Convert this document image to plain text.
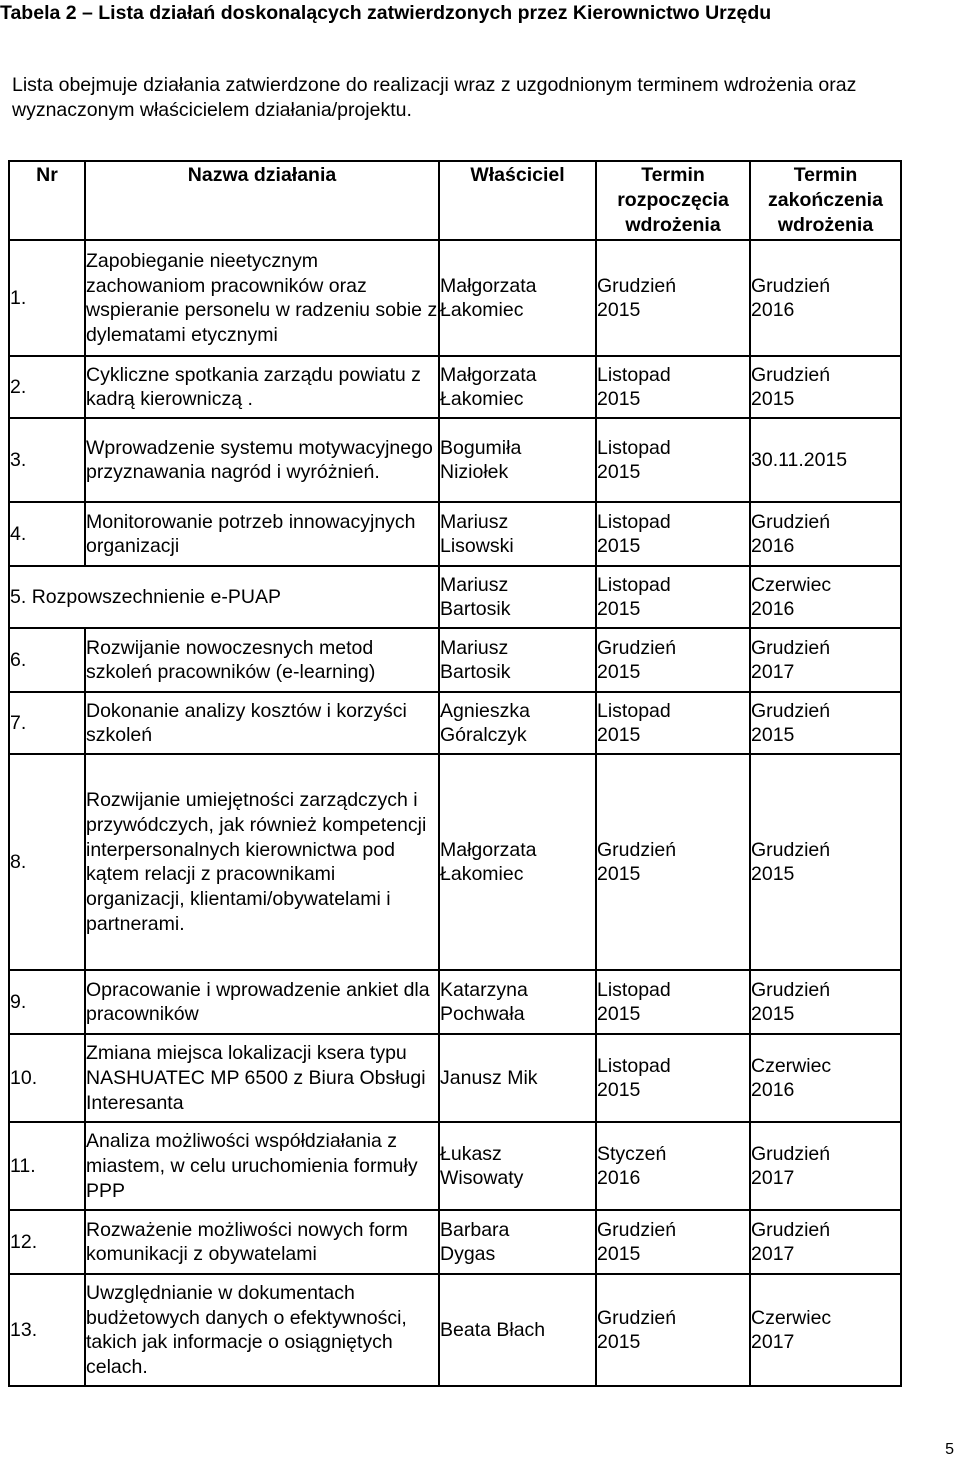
Tabela 2 – Lista działań doskonalących zatwierdzonych przez Kierownictwo Urzędu
Lista obejmuje działania zatwierdzone do realizacji wraz z uzgodnionym terminem wdrożenia oraz wyznaczonym właścicielem działania/projektu.
Nr	Nazwa działania	Właściciel	Termin rozpoczęcia wdrożenia	Termin zakończenia wdrożenia
1.	Zapobieganie nieetycznym zachowaniom pracowników oraz wspieranie personelu w radzeniu sobie z dylematami etycznymi	Małgorzata Łakomiec	Grudzień 2015	Grudzień 2016
2.	Cykliczne spotkania zarządu powiatu z kadrą kierowniczą .	Małgorzata Łakomiec	Listopad 2015	Grudzień 2015
3.	Wprowadzenie systemu motywacyjnego przyznawania nagród i wyróżnień.	Bogumiła Niziołek	Listopad 2015	30.11.2015
4.	Monitorowanie potrzeb innowacyjnych organizacji	Mariusz Lisowski	Listopad 2015	Grudzień 2016
5. Rozpowszechnienie e-PUAP		Mariusz Bartosik	Listopad 2015	Czerwiec 2016
6.	Rozwijanie nowoczesnych metod szkoleń pracowników (e-learning)	Mariusz Bartosik	Grudzień 2015	Grudzień 2017
7.	Dokonanie analizy kosztów i korzyści szkoleń	Agnieszka Góralczyk	Listopad 2015	Grudzień 2015
8.	Rozwijanie umiejętności zarządczych i przywódczych, jak również kompetencji interpersonalnych kierownictwa pod kątem relacji z pracownikami organizacji, klientami/obywatelami i partnerami.	Małgorzata Łakomiec	Grudzień 2015	Grudzień 2015
9.	Opracowanie i wprowadzenie ankiet dla pracowników	Katarzyna Pochwała	Listopad 2015	Grudzień 2015
10.	Zmiana miejsca lokalizacji ksera typu NASHUATEC MP 6500 z Biura Obsługi Interesanta	Janusz Mik	Listopad 2015	Czerwiec 2016
11.	Analiza możliwości współdziałania z miastem, w celu uruchomienia formuły PPP	Łukasz Wisowaty	Styczeń 2016	Grudzień 2017
12.	Rozważenie możliwości nowych form komunikacji z obywatelami	Barbara Dygas	Grudzień 2015	Grudzień 2017
13.	Uwzględnianie w dokumentach budżetowych danych o efektywności, takich jak informacje o osiągniętych celach.	Beata Błach	Grudzień 2015	Czerwiec 2017
5
